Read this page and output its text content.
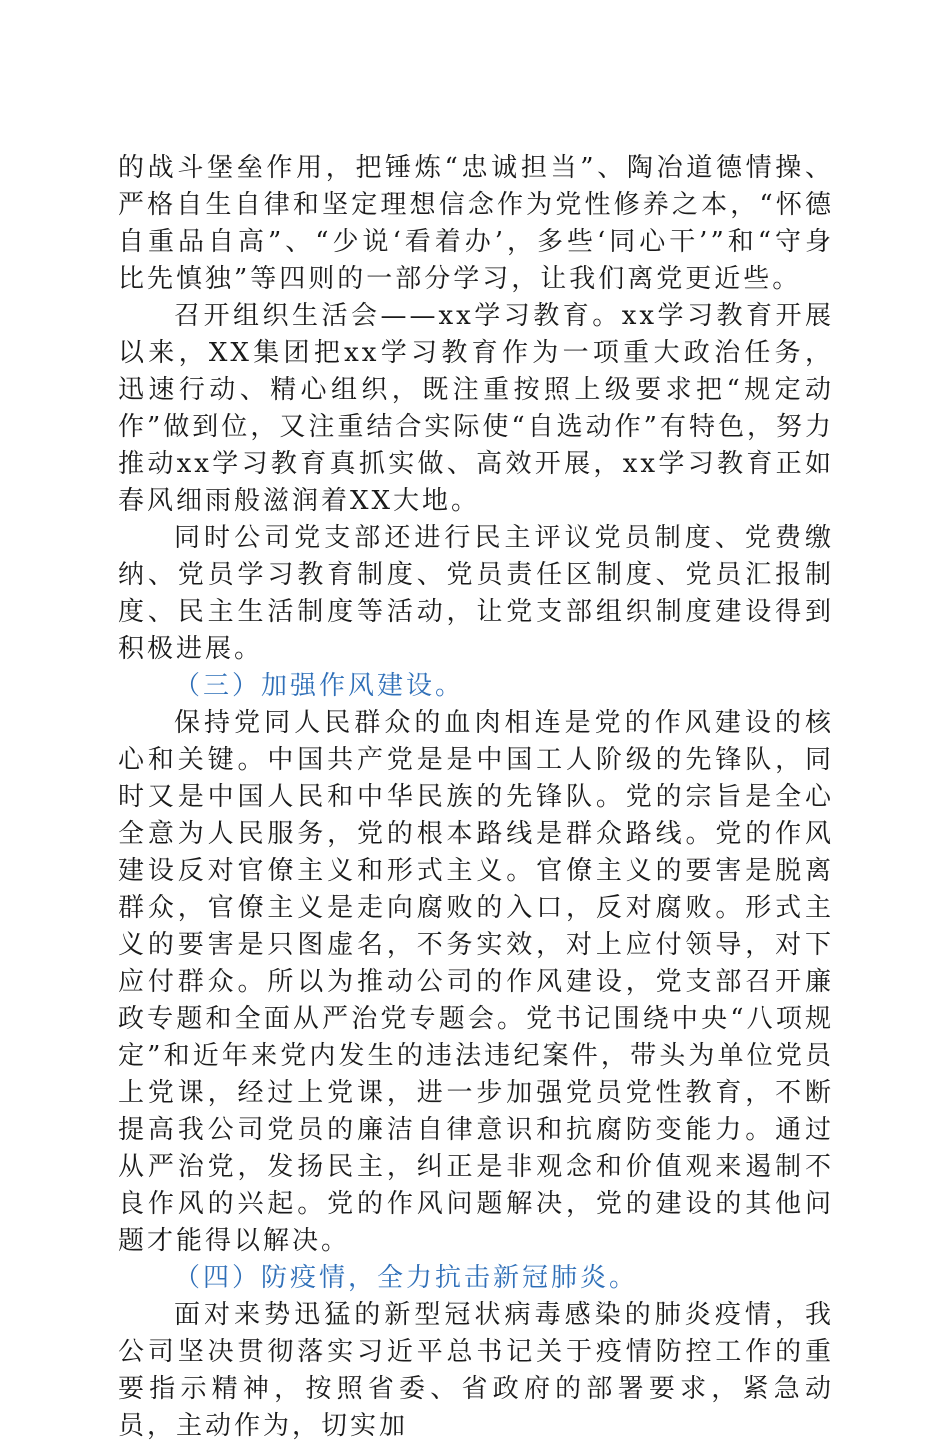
的战斗堡垒作用，把锤炼“忠诚担当”、陶冶道德情操、严格自生自律和坚定理想信念作为党性修养之本，“怀德自重品自高”、“少说‘看着办’，多些‘同心干’”和“守身比先慎独”等四则的一部分学习，让我们离党更近些。

召开组织生活会——xx学习教育。xx学习教育开展以来，XX集团把xx学习教育作为一项重大政治任务，迅速行动、精心组织，既注重按照上级要求把“规定动作”做到位，又注重结合实际使“自选动作”有特色，努力推动xx学习教育真抓实做、高效开展，xx学习教育正如春风细雨般滋润着XX大地。

同时公司党支部还进行民主评议党员制度、党费缴纳、党员学习教育制度、党员责任区制度、党员汇报制度、民主生活制度等活动，让党支部组织制度建设得到积极进展。

（三）加强作风建设。

保持党同人民群众的血肉相连是党的作风建设的核心和关键。中国共产党是是中国工人阶级的先锋队，同时又是中国人民和中华民族的先锋队。党的宗旨是全心全意为人民服务，党的根本路线是群众路线。党的作风建设反对官僚主义和形式主义。官僚主义的要害是脱离群众，官僚主义是走向腐败的入口，反对腐败。形式主义的要害是只图虚名，不务实效，对上应付领导，对下应付群众。所以为推动公司的作风建设，党支部召开廉政专题和全面从严治党专题会。党书记围绕中央“八项规定”和近年来党内发生的违法违纪案件，带头为单位党员上党课，经过上党课，进一步加强党员党性教育，不断提高我公司党员的廉洁自律意识和抗腐防变能力。通过从严治党，发扬民主，纠正是非观念和价值观来遏制不良作风的兴起。党的作风问题解决，党的建设的其他问题才能得以解决。

（四）防疫情，全力抗击新冠肺炎。

面对来势迅猛的新型冠状病毒感染的肺炎疫情，我公司坚决贯彻落实习近平总书记关于疫情防控工作的重要指示精神，按照省委、省政府的部署要求，紧急动员，主动作为，切实加
